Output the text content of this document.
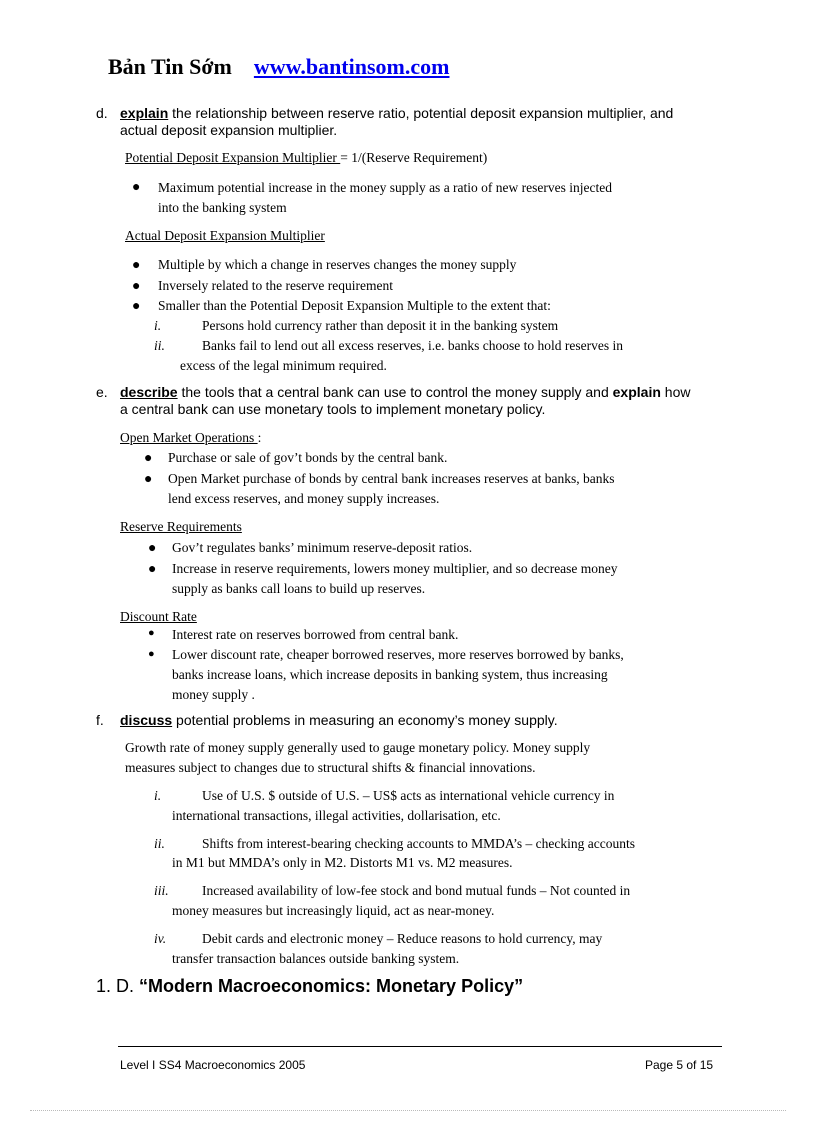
Bản Tin Sớm www.bantinsom.com
d. explain the relationship between reserve ratio, potential deposit expansion multiplier, and
actual deposit expansion multiplier.
Potential Deposit Expansion Multiplier = 1/(Reserve Requirement)
● Maximum potential increase in the money supply as a ratio of new reserves injected
into the banking system
Actual Deposit Expansion Multiplier
● Multiple by which a change in reserves changes the money supply
● Inversely related to the reserve requirement
● Smaller than the Potential Deposit Expansion Multiple to the extent that:
i.	Persons hold currency rather than deposit it in the banking system
ii.	Banks fail to lend out all excess reserves, i.e. banks choose to hold reserves in
excess of the legal minimum required.
e. describe the tools that a central bank can use to control the money supply and explain how
a central bank can use monetary tools to implement monetary policy.
Open Market Operations :
● Purchase or sale of gov’t bonds by the central bank.
● Open Market purchase of bonds by central bank increases reserves at banks, banks
lend excess reserves, and money supply increases.
Reserve Requirements
● Gov’t regulates banks’ minimum reserve-deposit ratios.
● Increase in reserve requirements, lowers money multiplier, and so decrease money
supply as banks call loans to build up reserves.
Discount Rate
● Interest rate on reserves borrowed from central bank.
● Lower discount rate, cheaper borrowed reserves, more reserves borrowed by banks,
banks increase loans, which increase deposits in banking system, thus increasing
money supply .
f. discuss potential problems in measuring an economy’s money supply.
Growth rate of money supply generally used to gauge monetary policy. Money supply
measures subject to changes due to structural shifts & financial innovations.
i.	Use of U.S. $ outside of U.S. – US$ acts as international vehicle currency in
international transactions, illegal activities, dollarisation, etc.
ii.	Shifts from interest-bearing checking accounts to MMDA’s – checking accounts
in M1 but MMDA’s only in M2. Distorts M1 vs. M2 measures.
iii. Increased availability of low-fee stock and bond mutual funds – Not counted in
money measures but increasingly liquid, act as near-money.
iv.	Debit cards and electronic money – Reduce reasons to hold currency, may
transfer transaction balances outside banking system.
1. D. “Modern Macroeconomics: Monetary Policy”
Level I SS4 Macroeconomics 2005	Page 5 of 15
